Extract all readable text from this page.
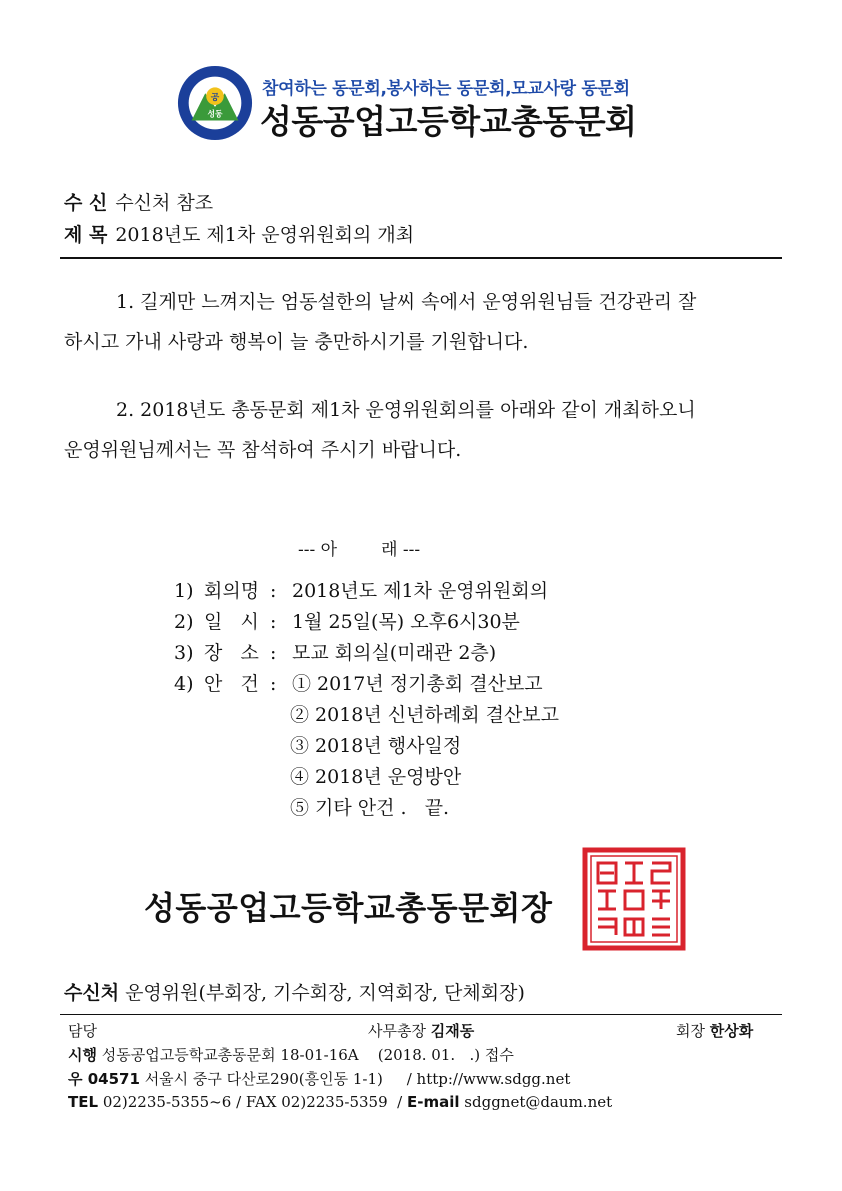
공
성동
참여하는 동문회,봉사하는 동문회,모교사랑 동문회
성동공업고등학교총동문회
수 신 수신처 참조
제 목 2018년도 제1차 운영위원회의 개최
1. 길게만 느껴지는 엄동설한의 날씨 속에서 운영위원님들 건강관리 잘
하시고 가내 사랑과 행복이 늘 충만하시기를 기원합니다.
2. 2018년도 총동문회 제1차 운영위원회의를 아래와 같이 개최하오니
운영위원님께서는 꼭 참석하여 주시기 바랍니다.
--- 아	래 ---
1) 회의명 : 2018년도 제1차 운영위원회의
2) 일   시 : 1월 25일(목) 오후6시30분
3) 장   소 : 모교 회의실(미래관 2층)
4) 안   건 : ① 2017년 정기총회 결산보고
② 2018년 신년하례회 결산보고
③ 2018년 행사일정
④ 2018년 운영방안
⑤ 기타 안건 .   끝.
성동공업고등학교총동문회장
수신처 운영위원(부회장, 기수회장, 지역회장, 단체회장)
담당	사무총장 김재동	회장 한상화
시행 성동공업고등학교총동문회 18-01-16A    (2018. 01.   .) 접수
우 04571 서울시 중구 다산로290(흥인동 1-1)     / http://www.sdgg.net
TEL 02)2235-5355~6 / FAX 02)2235-5359  / E-mail sdggnet@daum.net
